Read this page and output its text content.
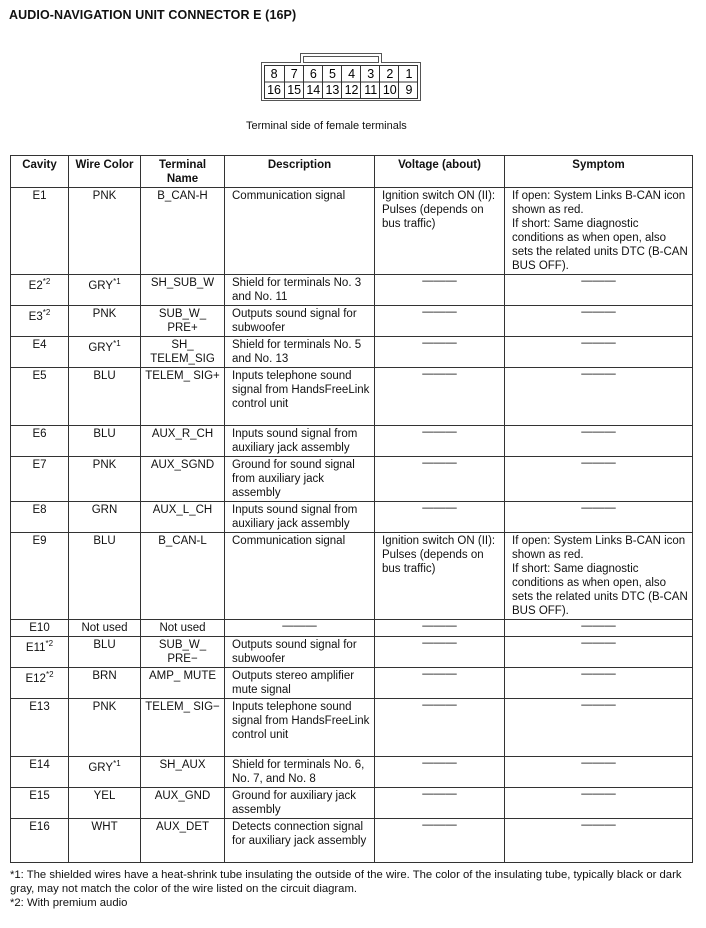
AUDIO-NAVIGATION UNIT CONNECTOR E (16P)
8	7 6 5 4 3 2 1
16 15 14 13 12 11 10 9
Terminal side of female terminals
Cavity	Wire Color	Terminal Name	Description	Voltage (about)	Symptom
E1	PNK	B_CAN-H	Communication signal	Ignition switch ON (II): Pulses (depends on bus traffic)	If open: System Links B-CAN icon shown as red.
If short: Same diagnostic conditions as when open, also sets the related units DTC (B-CAN BUS OFF).
E2$^{*2}$	GRY$^{*1}$	SH_SUB_W	Shield for terminals No. 3 and No. 11	———	———
E3$^{*2}$	PNK	SUB_W_ PRE+	Outputs sound signal for subwoofer	———	———
E4	GRY$^{*1}$	SH_ TELEM_SIG	Shield for terminals No. 5 and No. 13	———	———
E5	BLU	TELEM_ SIG+	Inputs telephone sound signal from HandsFreeLink control unit	———	———
E6	BLU	AUX_R_CH	Inputs sound signal from auxiliary jack assembly	———	———
E7	PNK	AUX_SGND	Ground for sound signal from auxiliary jack assembly	———	———
E8	GRN	AUX_L_CH	Inputs sound signal from auxiliary jack assembly	———	———
E9	BLU	B_CAN-L	Communication signal	Ignition switch ON (II): Pulses (depends on bus traffic)	If open: System Links B-CAN icon shown as red.
If short: Same diagnostic conditions as when open, also sets the related units DTC (B-CAN BUS OFF).
E10	Not used	Not used	———	———	———
E11$^{*2}$	BLU	SUB_W_ PRE−	Outputs sound signal for subwoofer	———	———
E12$^{*2}$	BRN	AMP_ MUTE	Outputs stereo amplifier mute signal	———	———
E13	PNK	TELEM_ SIG−	Inputs telephone sound signal from HandsFreeLink control unit	———	———
E14	GRY$^{*1}$	SH_AUX	Shield for terminals No. 6, No. 7, and No. 8	———	———
E15	YEL	AUX_GND	Ground for auxiliary jack assembly	———	———
E16	WHT	AUX_DET	Detects connection signal for auxiliary jack assembly	———	———
*1: The shielded wires have a heat-shrink tube insulating the outside of the wire. The color of the insulating tube, typically black or dark gray, may not match the color of the wire listed on the circuit diagram.
*2: With premium audio
